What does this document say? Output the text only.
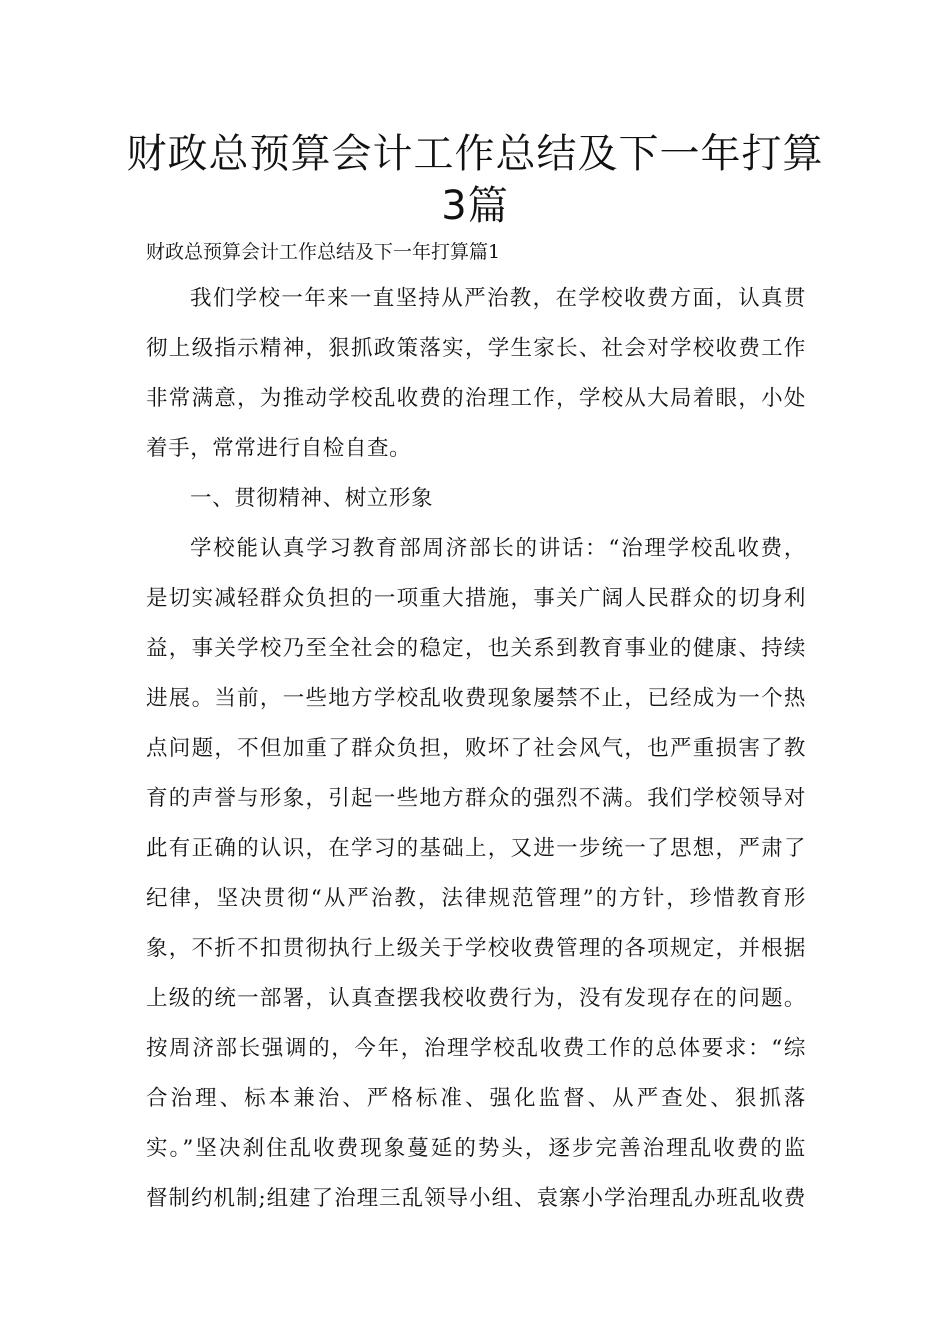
财政总预算会计工作总结及下一年打算
3篇

财政总预算会计工作总结及下一年打算篇1

我们学校一年来一直坚持从严治教，在学校收费方面，认真贯

彻上级指示精神，狠抓政策落实，学生家长、社会对学校收费工作

非常满意，为推动学校乱收费的治理工作，学校从大局着眼，小处

着手，常常进行自检自查。

一、贯彻精神、树立形象

学校能认真学习教育部周济部长的讲话：“治理学校乱收费，

是切实减轻群众负担的一项重大措施，事关广阔人民群众的切身利

益，事关学校乃至全社会的稳定，也关系到教育事业的健康、持续

进展。当前，一些地方学校乱收费现象屡禁不止，已经成为一个热

点问题，不但加重了群众负担，败坏了社会风气，也严重损害了教

育的声誉与形象，引起一些地方群众的强烈不满。我们学校领导对

此有正确的认识，在学习的基础上，又进一步统一了思想，严肃了

纪律，坚决贯彻“从严治教，法律规范管理”的方针，珍惜教育形

象，不折不扣贯彻执行上级关于学校收费管理的各项规定，并根据

上级的统一部署，认真查摆我校收费行为，没有发现存在的问题。

按周济部长强调的，今年，治理学校乱收费工作的总体要求：“综

合治理、标本兼治、严格标准、强化监督、从严查处、狠抓落

实。”坚决刹住乱收费现象蔓延的势头，逐步完善治理乱收费的监

督制约机制;组建了治理三乱领导小组、袁寨小学治理乱办班乱收费
